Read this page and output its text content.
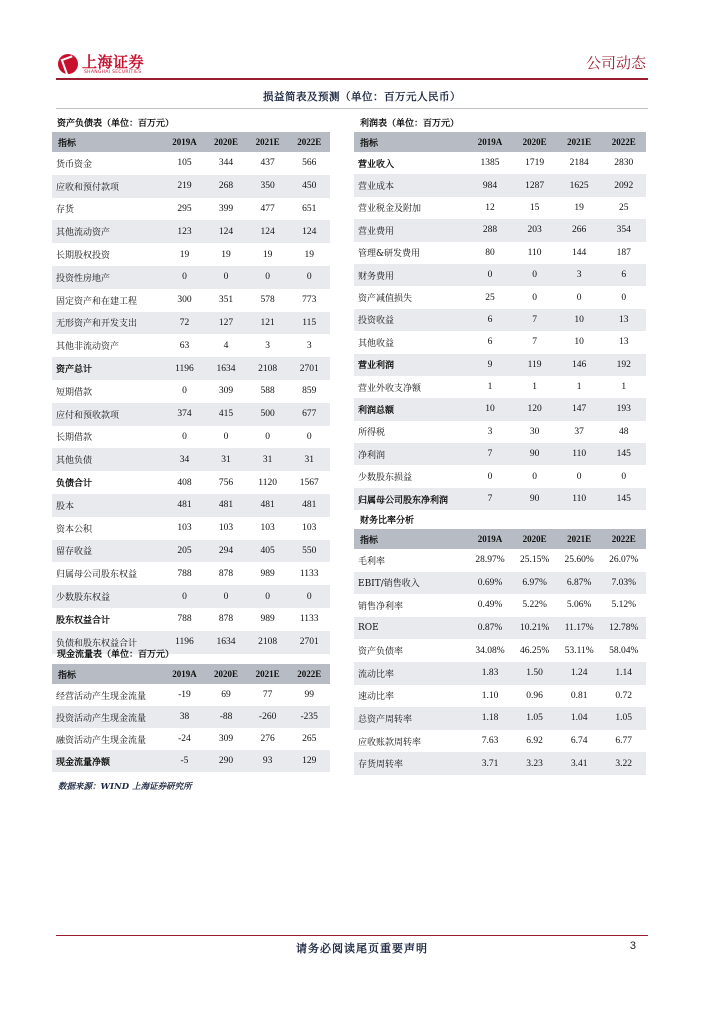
上海证券
SHANGHAI SECURITIES
公司动态
损益简表及预测（单位：百万元人民币）
资产负债表（单位：百万元）
指标	2019A	2020E	2021E	2022E
货币资金	105	344	437	566
应收和预付款项	219	268	350	450
存货	295	399	477	651
其他流动资产	123	124	124	124
长期股权投资	19	19	19	19
投资性房地产	0	0	0	0
固定资产和在建工程	300	351	578	773
无形资产和开发支出	72	127	121	115
其他非流动资产	63	4	3	3
资产总计	1196	1634	2108	2701
短期借款	0	309	588	859
应付和预收款项	374	415	500	677
长期借款	0	0	0	0
其他负债	34	31	31	31
负债合计	408	756	1120	1567
股本	481	481	481	481
资本公积	103	103	103	103
留存收益	205	294	405	550
归属母公司股东权益	788	878	989	1133
少数股东权益	0	0	0	0
股东权益合计	788	878	989	1133
负债和股东权益合计	1196	1634	2108	2701
现金流量表（单位：百万元）
指标	2019A	2020E	2021E	2022E
经营活动产生现金流量	-19	69	77	99
投资活动产生现金流量	38	-88	-260	-235
融资活动产生现金流量	-24	309	276	265
现金流量净额	-5	290	93	129
利润表（单位：百万元）
指标	2019A	2020E	2021E	2022E
营业收入	1385	1719	2184	2830
营业成本	984	1287	1625	2092
营业税金及附加	12	15	19	25
营业费用	288	203	266	354
管理&研发费用	80	110	144	187
财务费用	0	0	3	6
资产减值损失	25	0	0	0
投资收益	6	7	10	13
其他收益	6	7	10	13
营业利润	9	119	146	192
营业外收支净额	1	1	1	1
利润总额	10	120	147	193
所得税	3	30	37	48
净利润	7	90	110	145
少数股东损益	0	0	0	0
归属母公司股东净利润	7	90	110	145
财务比率分析
指标	2019A	2020E	2021E	2022E
毛利率	28.97%	25.15%	25.60%	26.07%
EBIT/销售收入	0.69%	6.97%	6.87%	7.03%
销售净利率	0.49%	5.22%	5.06%	5.12%
ROE	0.87%	10.21%	11.17%	12.78%
资产负债率	34.08%	46.25%	53.11%	58.04%
流动比率	1.83	1.50	1.24	1.14
速动比率	1.10	0.96	0.81	0.72
总资产周转率	1.18	1.05	1.04	1.05
应收账款周转率	7.63	6.92	6.74	6.77
存货周转率	3.71	3.23	3.41	3.22
数据来源：WIND 上海证券研究所
请务必阅读尾页重要声明	3
